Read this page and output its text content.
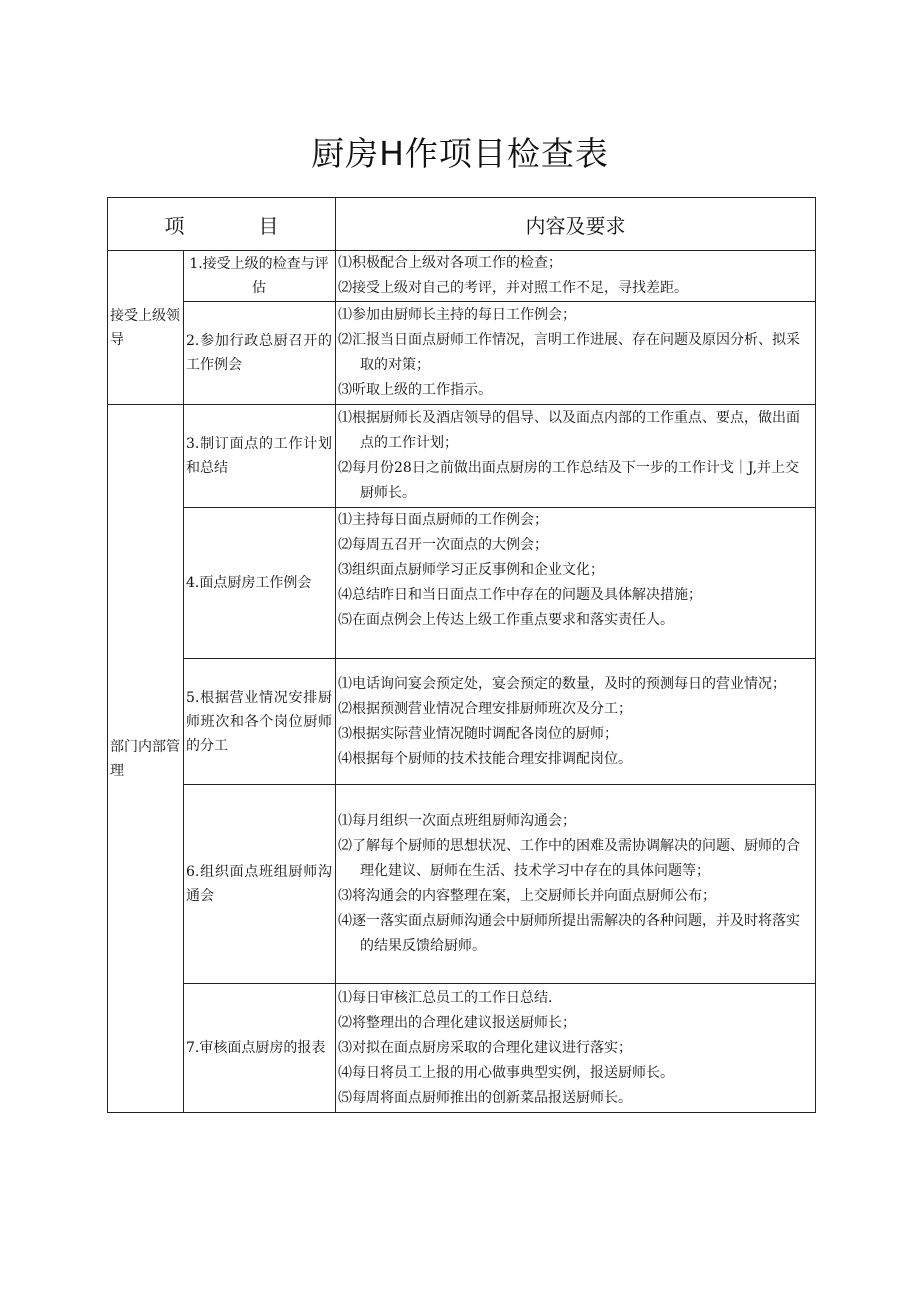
厨房H作项目检查表
项 目		内容及要求
接受上级领导	1.接受上级的检查与评估	⑴积极配合上级对各项工作的检查；
⑵接受上级对自己的考评，并对照工作不足，寻找差距。

	2.参加行政总厨召开的工作例会	⑴参加由厨师长主持的每日工作例会；
⑵汇报当日面点厨师工作情况，言明工作进展、存在问题及原因分析、拟采取的对策；
⑶听取上级的工作指示。

部门内部管理	3.制订面点的工作计划和总结	⑴根据厨师长及酒店领导的倡导、以及面点内部的工作重点、要点，做出面点的工作计划；
⑵每月份28日之前做出面点厨房的工作总结及下一步的工作计戈｜J,并上交厨师长。

	4.面点厨房工作例会	⑴主持每日面点厨师的工作例会；
⑵每周五召开一次面点的大例会；
⑶组织面点厨师学习正反事例和企业文化；
⑷总结昨日和当日面点工作中存在的问题及具体解决措施；
⑸在面点例会上传达上级工作重点要求和落实责任人。

	5.根据营业情况安排厨师班次和各个岗位厨师的分工	⑴电话询问宴会预定处，宴会预定的数量，及时的预测每日的营业情况；
⑵根据预测营业情况合理安排厨师班次及分工；
⑶根据实际营业情况随时调配各岗位的厨师；
⑷根据每个厨师的技术技能合理安排调配岗位。

	6.组织面点班组厨师沟通会	⑴每月组织一次面点班组厨师沟通会；
⑵了解每个厨师的思想状况、工作中的困难及需协调解决的问题、厨师的合理化建议、厨师在生活、技术学习中存在的具体问题等；
⑶将沟通会的内容整理在案，上交厨师长并向面点厨师公布；
⑷逐一落实面点厨师沟通会中厨师所提出需解决的各种问题，并及时将落实的结果反馈给厨师。

	7.审核面点厨房的报表	⑴每日审核汇总员工的工作日总结.
⑵将整理出的合理化建议报送厨师长；
⑶对拟在面点厨房采取的合理化建议进行落实；
⑷每日将员工上报的用心做事典型实例，报送厨师长。
⑸每周将面点厨师推出的创新菜品报送厨师长。
